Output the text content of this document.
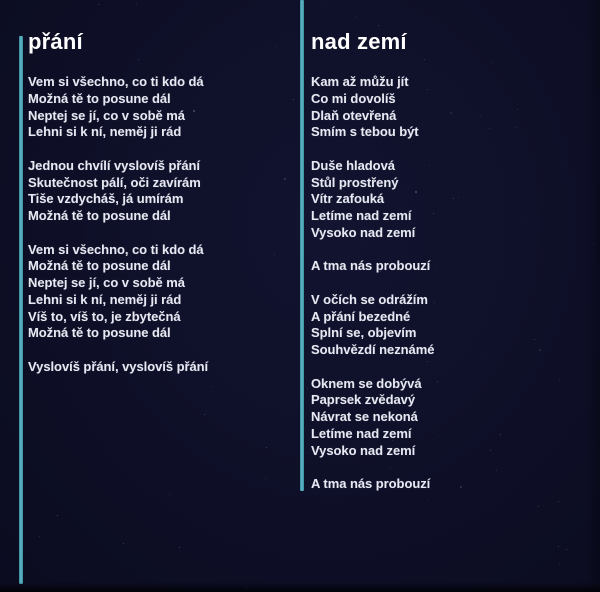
přání	nad zemí
Vem si všechno, co ti kdo dá
Možná tě to posune dál
Neptej se jí, co v sobě má
Lehni si k ní, neměj ji rád
Jednou chvílí vyslovíš přání
Skutečnost pálí, oči zavírám
Tiše vzdycháš, já umírám
Možná tě to posune dál
Vem si všechno, co ti kdo dá
Možná tě to posune dál
Neptej se jí, co v sobě má
Lehni si k ní, neměj ji rád
Víš to, víš to, je zbytečná
Možná tě to posune dál
Vyslovíš přání, vyslovíš přání
Kam až můžu jít
Co mi dovolíš
Dlaň otevřená
Smím s tebou být
Duše hladová
Stůl prostřený
Vítr zafouká
Letíme nad zemí
Vysoko nad zemí
A tma nás probouzí
V očích se odrážím
A přání bezedné
Splní se, objevím
Souhvězdí neznámé
Oknem se dobývá
Paprsek zvědavý
Návrat se nekoná
Letíme nad zemí
Vysoko nad zemí
A tma nás probouzí
